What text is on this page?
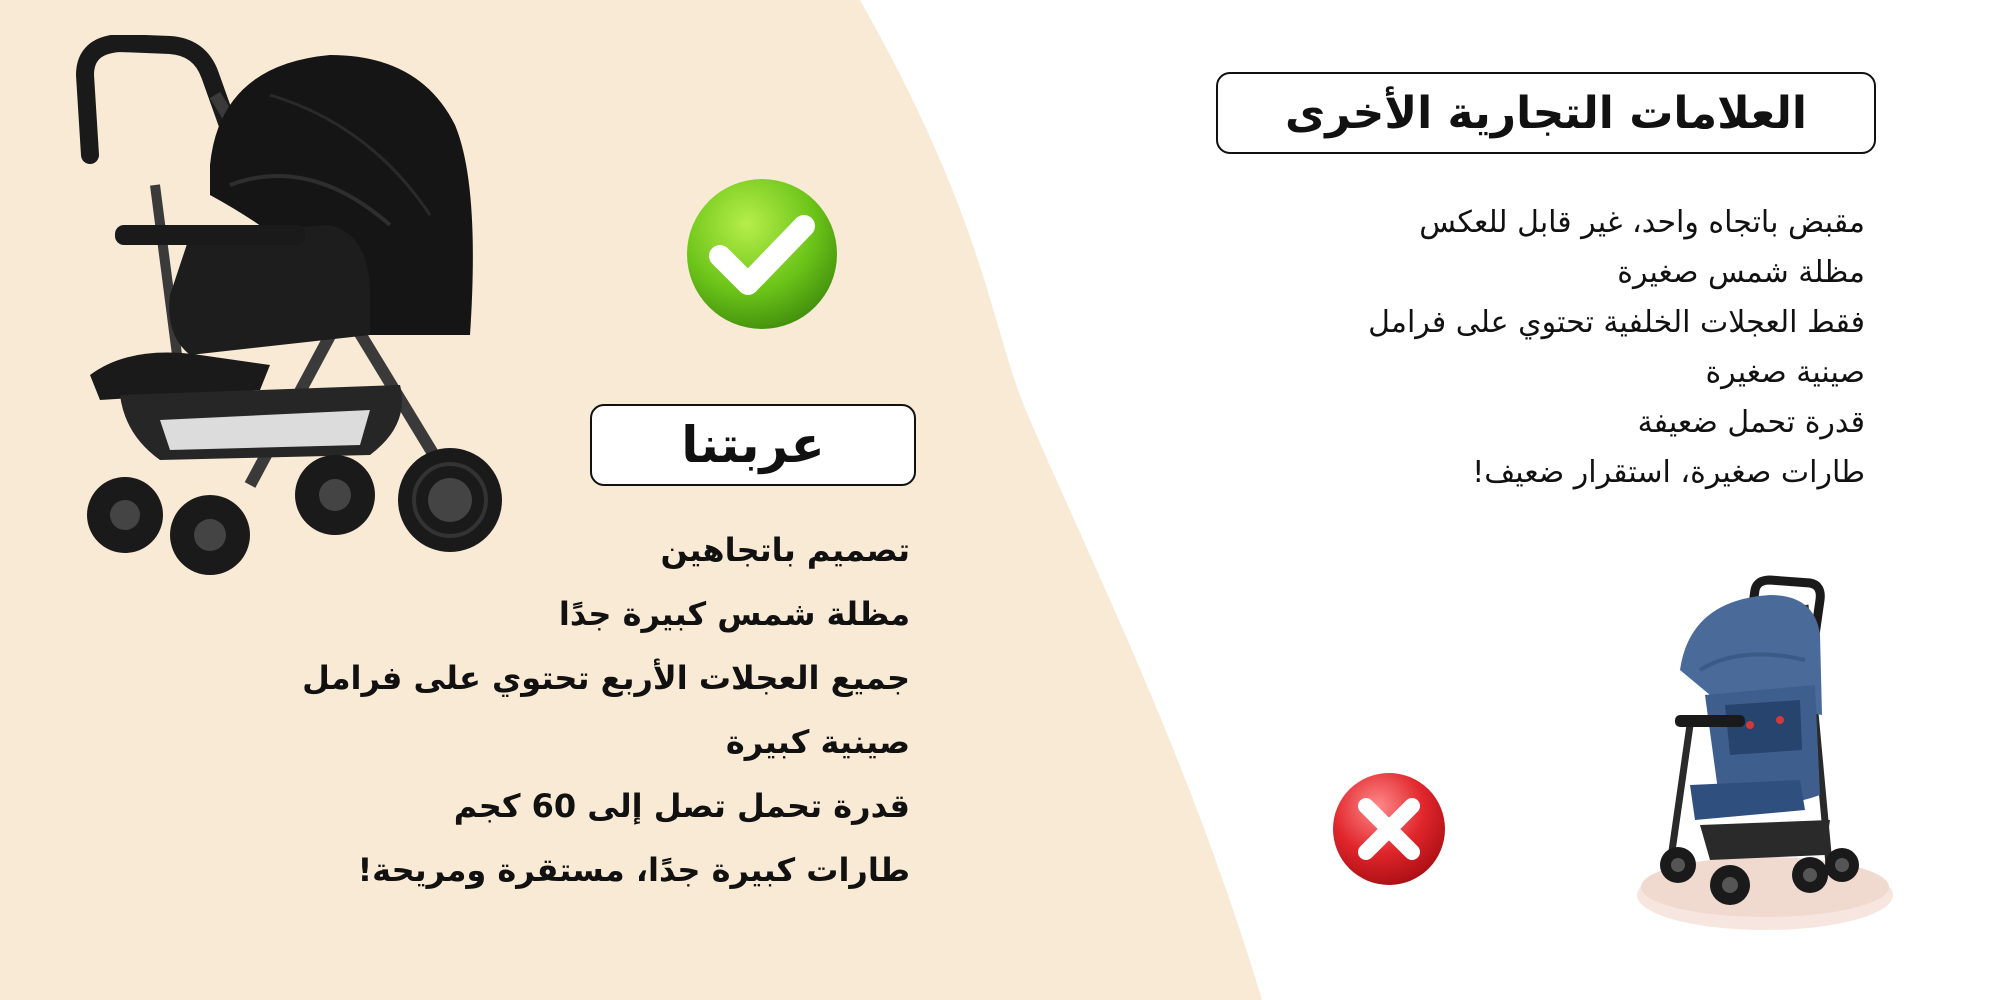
عربتنا
تصميم باتجاهين
مظلة شمس كبيرة جدًا
جميع العجلات الأربع تحتوي على فرامل
صينية كبيرة
قدرة تحمل تصل إلى 60 كجم
طارات كبيرة جدًا، مستقرة ومريحة!
العلامات التجارية الأخرى
مقبض باتجاه واحد، غير قابل للعكس
مظلة شمس صغيرة
فقط العجلات الخلفية تحتوي على فرامل
صينية صغيرة
قدرة تحمل ضعيفة
طارات صغيرة، استقرار ضعيف!
